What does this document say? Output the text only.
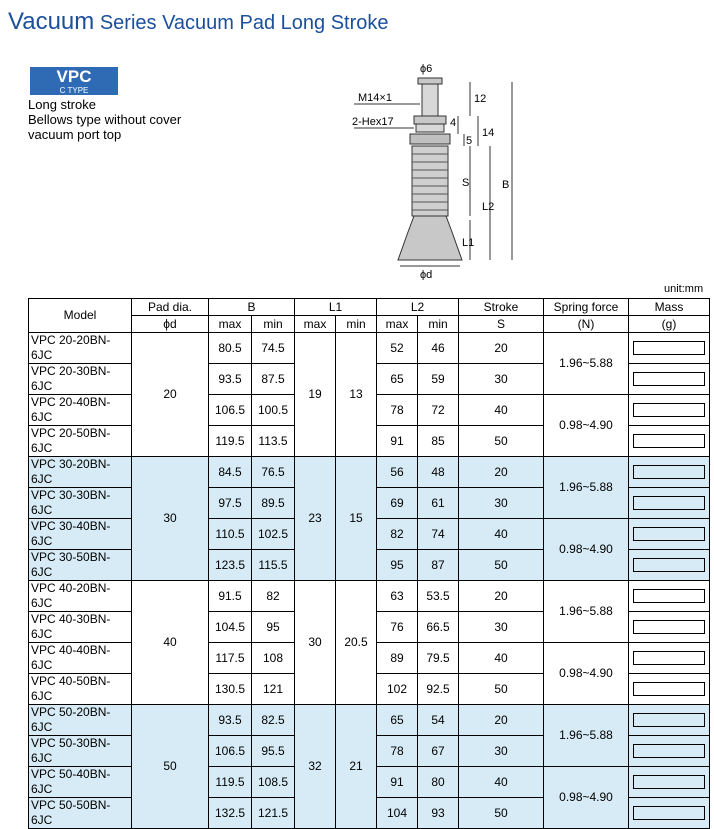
Vacuum Series Vacuum Pad Long Stroke
VPC
C TYPE
Long stroke
Bellows type without cover
vacuum port top
ϕ6
M14×1
2-Hex17
12
4
14
5
S	B
L2
L1
ϕd
unit:mm
Model	Pad dia.	B		L1		L2		Stroke	Spring force	Mass
	ϕd	max	min	max	min	max	min	S	(N)	(g)
VPC 20-20BN-6JC	20	80.5	74.5	19	13	52	46	20	1.96~5.88	

VPC 20-30BN-6JC		93.5	87.5			65	59	30		

VPC 20-40BN-6JC		106.5	100.5			78	72	40	0.98~4.90	

VPC 20-50BN-6JC		119.5	113.5			91	85	50		

VPC 30-20BN-6JC	30	84.5	76.5	23	15	56	48	20	1.96~5.88	

VPC 30-30BN-6JC		97.5	89.5			69	61	30		

VPC 30-40BN-6JC		110.5	102.5			82	74	40	0.98~4.90	

VPC 30-50BN-6JC		123.5	115.5			95	87	50		

VPC 40-20BN-6JC	40	91.5	82	30	20.5	63	53.5	20	1.96~5.88	

VPC 40-30BN-6JC		104.5	95			76	66.5	30		

VPC 40-40BN-6JC		117.5	108			89	79.5	40	0.98~4.90	

VPC 40-50BN-6JC		130.5	121			102	92.5	50		

VPC 50-20BN-6JC	50	93.5	82.5	32	21	65	54	20	1.96~5.88	

VPC 50-30BN-6JC		106.5	95.5			78	67	30		

VPC 50-40BN-6JC		119.5	108.5			91	80	40	0.98~4.90	

VPC 50-50BN-6JC		132.5	121.5			104	93	50		
